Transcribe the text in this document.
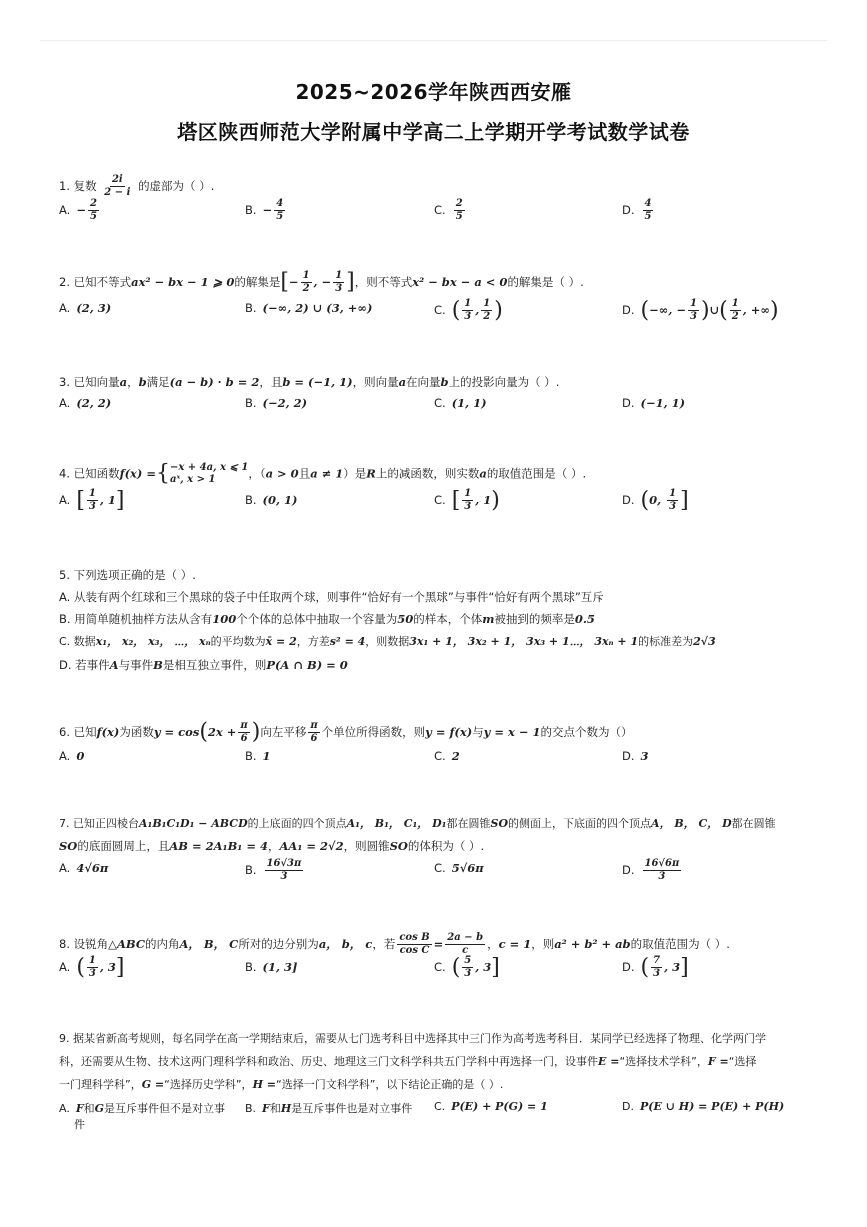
2025~2026学年陕西西安雁
塔区陕西师范大学附属中学高二上学期开学考试数学试卷
1. 复数 $\frac{2i}{2 - i}$ 的虚部为（ ）.
A. − $\frac{2}{5}$	B. − $\frac{4}{5}$	C. $\frac{2}{5}$	D. $\frac{4}{5}$
2. 已知不等式ax² − bx − 1 ⩾ 0的解集是[− $\frac{1}{2}$ , − $\frac{1}{3}$ ]，则不等式x² − bx − a < 0的解集是（ ）.
A. (2, 3)	B. (−∞, 2) ∪ (3, +∞)	C. ( $\frac{1}{3}$ , $\frac{1}{2}$ )	D. (−∞, − $\frac{1}{3}$ )∪( $\frac{1}{2}$ , +∞)
3. 已知向量a，b满足(a − b) · b = 2，且b = (−1, 1)，则向量a在向量b上的投影向量为（ ）.
A. (2, 2)	B. (−2, 2)	C. (1, 1)	D. (−1, 1)
4. 已知函数f(x) ={ −x + 4a, x ⩽ 1
aˣ, x > 1	，（a > 0且a ≠ 1）是R上的减函数，则实数a的取值范围是（ ）.
A. [ $\frac{1}{3}$ , 1]	B. (0, 1)	C. [ $\frac{1}{3}$ , 1)	D. (0, $\frac{1}{3}$ ]
5. 下列选项正确的是（ ）.
A. 从装有两个红球和三个黑球的袋子中任取两个球，则事件“恰好有一个黑球”与事件“恰好有两个黑球”互斥
B. 用简单随机抽样方法从含有100个个体的总体中抽取一个容量为50的样本，个体m被抽到的频率是0.5
C. 数据x₁， x₂， x₃， ⋯， xₙ的平均数为x̄ = 2，方差s² = 4，则数据3x₁ + 1， 3x₂ + 1， 3x₃ + 1⋯， 3xₙ + 1的标准差为2√3
D. 若事件A与事件B是相互独立事件，则P(A ∩ B) = 0
6. 已知f(x)为函数$y = \cos(2x + \frac{\pi}{6}$ )向左平移 $\frac{\pi}{6}$ 个单位所得函数，则y = f(x)与y = x − 1的交点个数为（）
A. 0	B. 1	C. 2	D. 3
7. 已知正四棱台A₁B₁C₁D₁ − ABCD的上底面的四个顶点A₁， B₁， C₁， D₁都在圆锥SO的侧面上，下底面的四个顶点A， B， C， D都在圆锥
SO的底面圆周上，且AB = 2A₁B₁ = 4，AA₁ = 2√2，则圆锥SO的体积为（ ）.
A. 4√6π	B. $\frac{16√3\pi}{3}$	C. 5√6π	D. $\frac{16√6\pi}{3}$
8. 设锐角△ABC的内角A， B， C所对的边分别为a， b， c，若 $\frac{\text{cos B}}{\text{cos C}} = \frac{2a - b}{c}$ ，c = 1，则a² + b² + ab的取值范围为（ ）.
A. ( $\frac{1}{3}$ , 3]	B. (1, 3]	C. ( $\frac{5}{3}$ , 3]	D. ( $\frac{7}{3}$ , 3]
9. 据某省新高考规则，每名同学在高一学期结束后，需要从七门选考科目中选择其中三门作为高考选考科目．某同学已经选择了物理、化学两门学
科，还需要从生物、技术这两门理科学科和政治、历史、地理这三门文科学科共五门学科中再选择一门，设事件E =“选择技术学科”，F =“选择
一门理科学科”，G =“选择历史学科”，H =“选择一门文科学科”，以下结论正确的是（ ）.
A. F和G是互斥事件但不是对立事
件
B. F和H是互斥事件也是对立事件 C. P(E) + P(G) = 1	D. P(E ∪ H) = P(E) + P(H)
